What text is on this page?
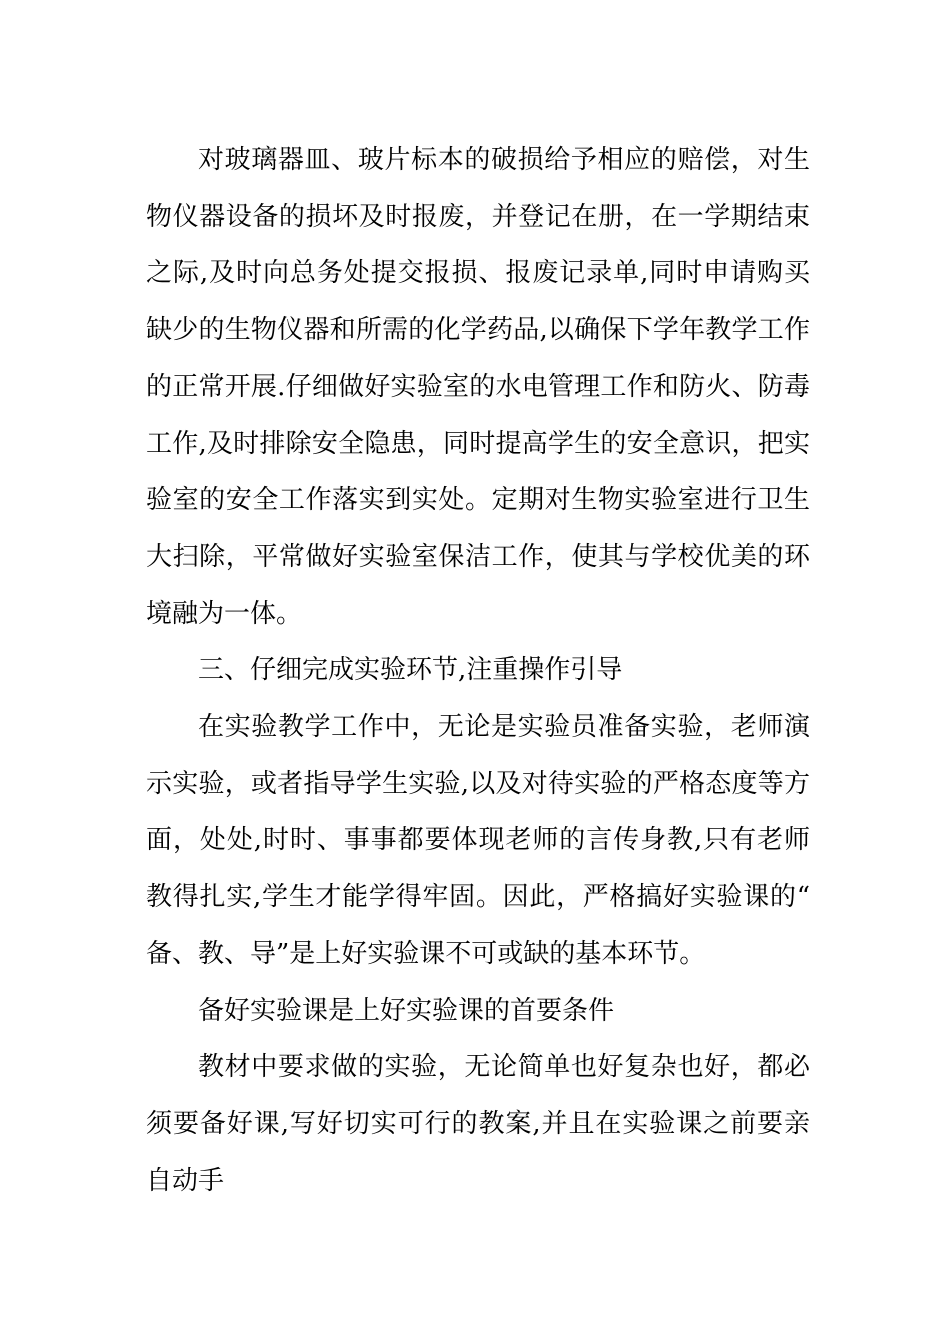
对玻璃器皿、玻片标本的破损给予相应的赔偿，对生物仪器设备的损坏及时报废，并登记在册，在一学期结束之际,及时向总务处提交报损、报废记录单,同时申请购买缺少的生物仪器和所需的化学药品,以确保下学年教学工作的正常开展.仔细做好实验室的水电管理工作和防火、防毒工作,及时排除安全隐患，同时提高学生的安全意识，把实验室的安全工作落实到实处。定期对生物实验室进行卫生大扫除，平常做好实验室保洁工作，使其与学校优美的环境融为一体。

三、仔细完成实验环节,注重操作引导

在实验教学工作中，无论是实验员准备实验，老师演示实验，或者指导学生实验,以及对待实验的严格态度等方面，处处,时时、事事都要体现老师的言传身教,只有老师教得扎实,学生才能学得牢固。因此，严格搞好实验课的“备、教、导”是上好实验课不可或缺的基本环节。

备好实验课是上好实验课的首要条件

教材中要求做的实验，无论简单也好复杂也好，都必须要备好课,写好切实可行的教案,并且在实验课之前要亲自动手
